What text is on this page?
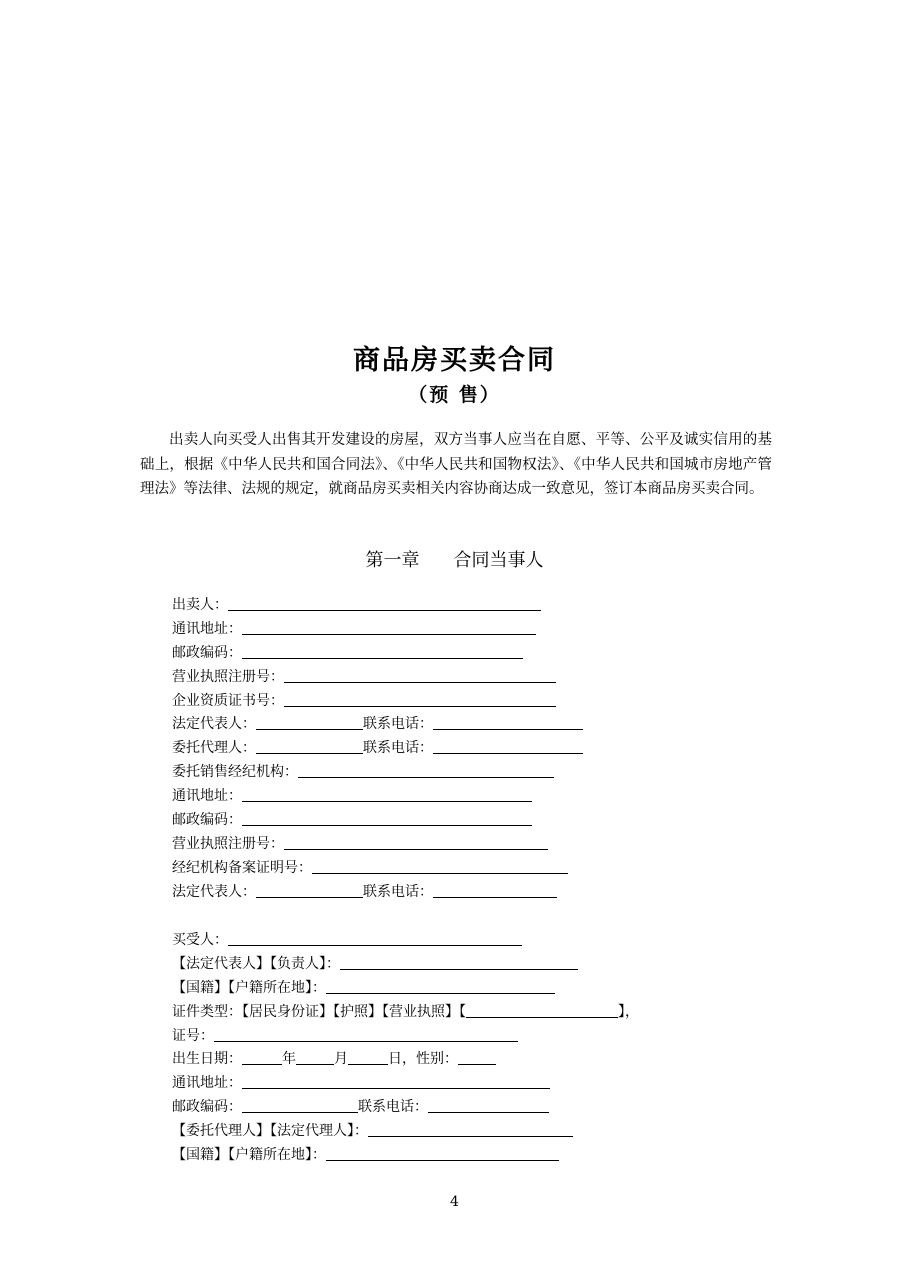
商品房买卖合同
（预 售）
出卖人向买受人出售其开发建设的房屋，双方当事人应当在自愿、平等、公平及诚实信用的基础上，根据《中华人民共和国合同法》、《中华人民共和国物权法》、《中华人民共和国城市房地产管理法》等法律、法规的规定，就商品房买卖相关内容协商达成一致意见，签订本商品房买卖合同。
第一章 合同当事人
出卖人：
通讯地址：
邮政编码：
营业执照注册号：
企业资质证书号：
法定代表人：	联系电话：
委托代理人：	联系电话：
委托销售经纪机构：
通讯地址：
邮政编码：
营业执照注册号：
经纪机构备案证明号：
法定代表人：	联系电话：
买受人：
【法定代表人】【负责人】：
【国籍】【户籍所在地】：
证件类型：【居民身份证】【护照】【营业执照】【	】，
证号：
出生日期：	年	月	日，性别：
通讯地址：
邮政编码：	联系电话：
【委托代理人】【法定代理人】：
【国籍】【户籍所在地】：
4
